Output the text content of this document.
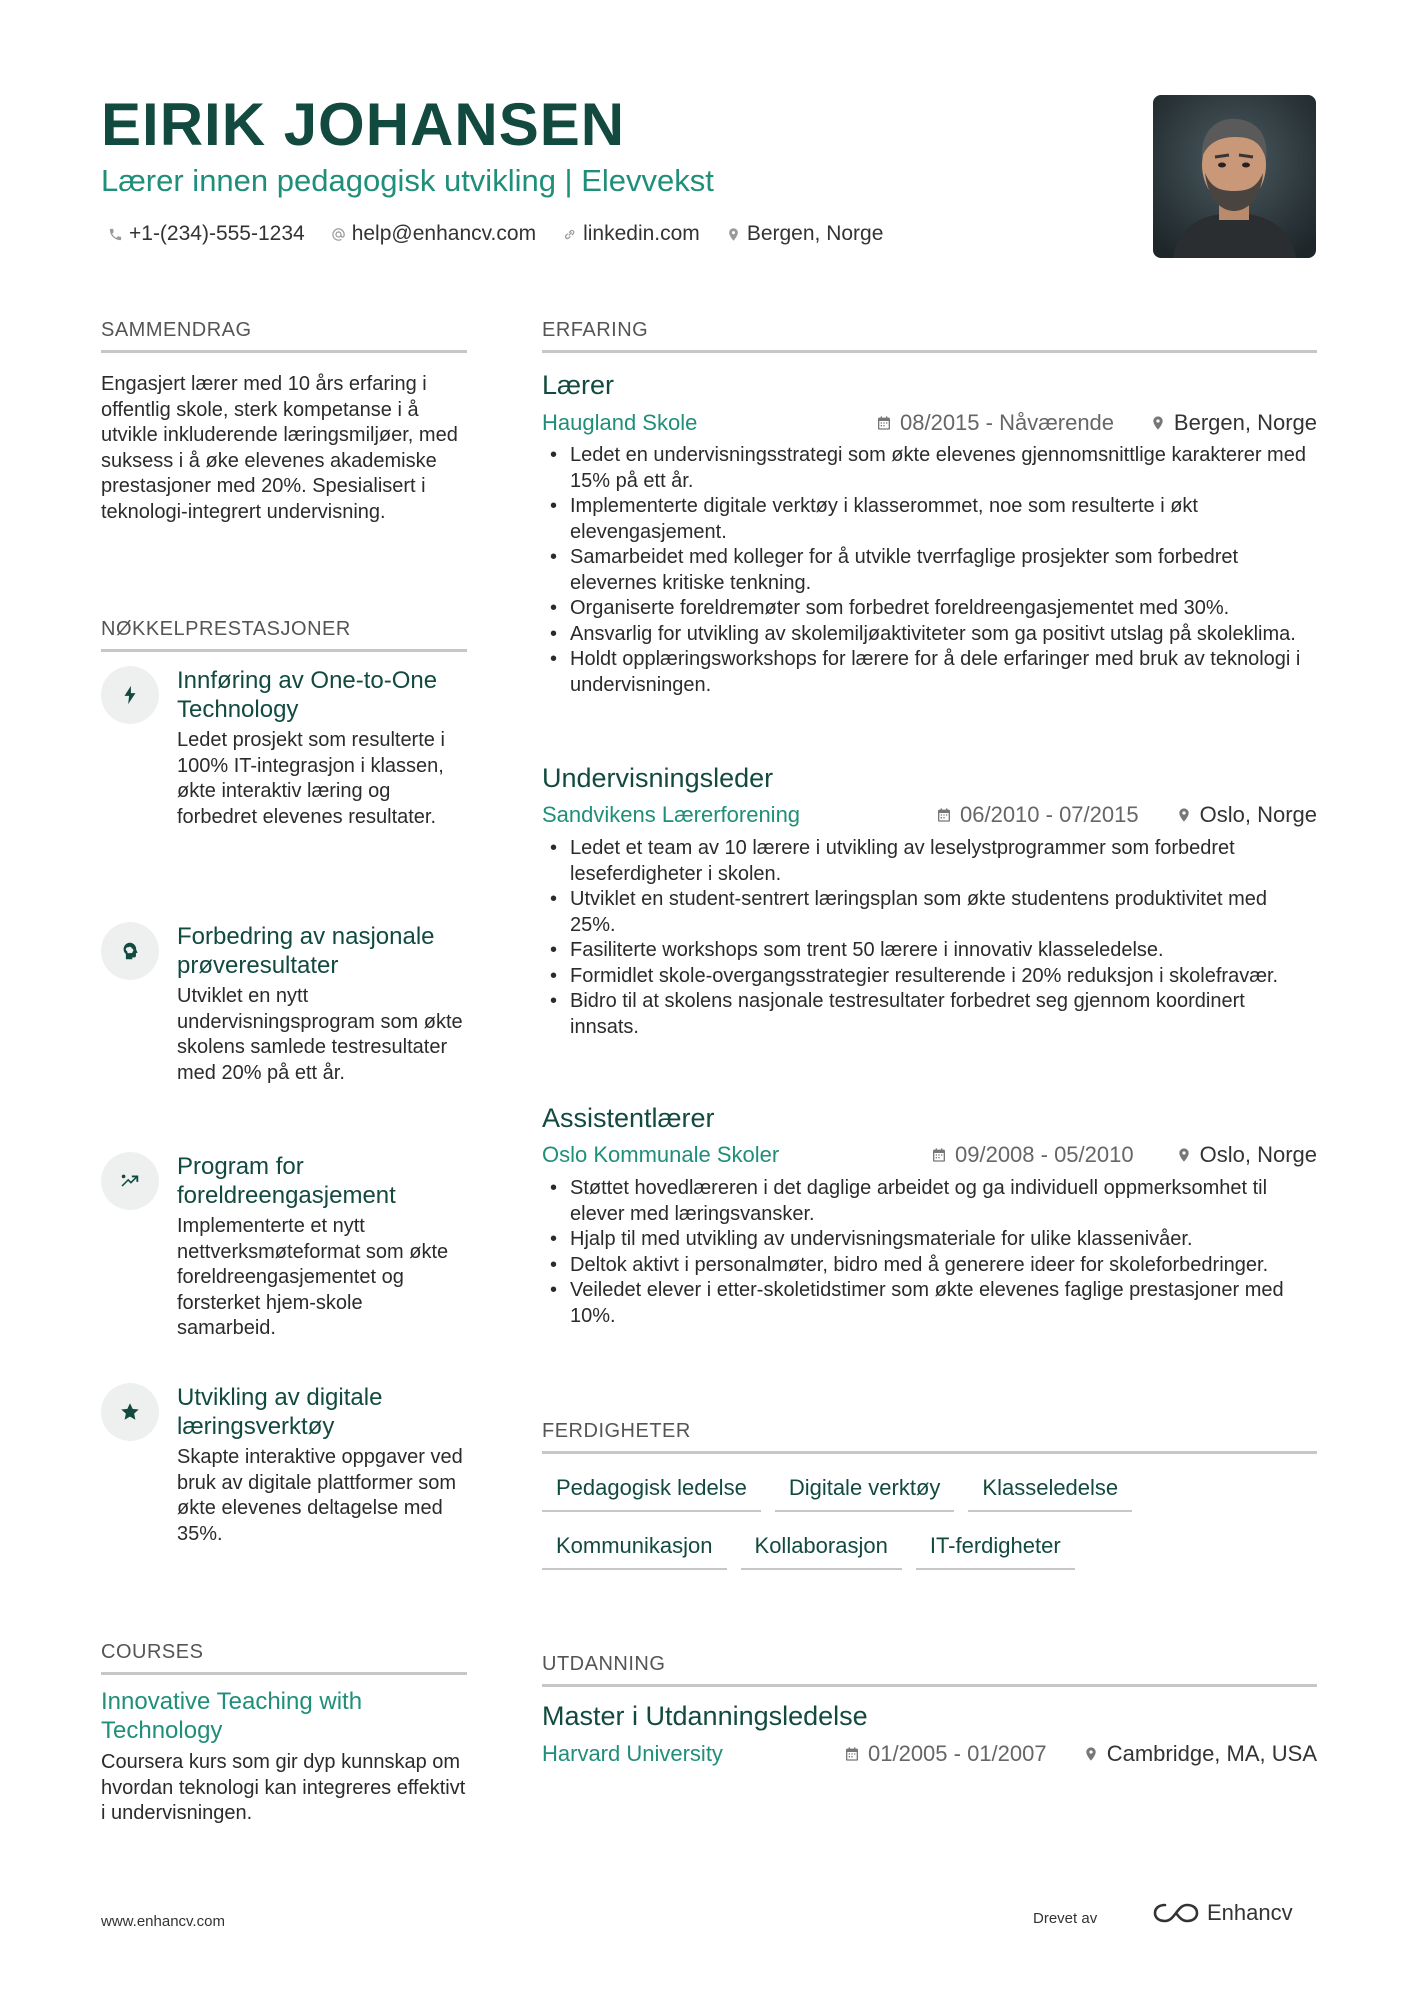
EIRIK JOHANSEN
Lærer innen pedagogisk utvikling | Elevvekst
+1-(234)-555-1234 help@enhancv.com linkedin.com Bergen, Norge
SAMMENDRAG
Engasjert lærer med 10 års erfaring i offentlig skole, sterk kompetanse i å utvikle inkluderende læringsmiljøer, med suksess i å øke elevenes akademiske prestasjoner med 20%. Spesialisert i teknologi-integrert undervisning.
NØKKELPRESTASJONER
Innføring av One-to-One Technology
Ledet prosjekt som resulterte i 100% IT-integrasjon i klassen, økte interaktiv læring og forbedret elevenes resultater.
Forbedring av nasjonale prøveresultater
Utviklet en nytt undervisningsprogram som økte skolens samlede testresultater med 20% på ett år.
Program for foreldreengasjement
Implementerte et nytt nettverksmøteformat som økte foreldreengasjementet og forsterket hjem-skole samarbeid.
Utvikling av digitale læringsverktøy
Skapte interaktive oppgaver ved bruk av digitale plattformer som økte elevenes deltagelse med 35%.
COURSES
Innovative Teaching with Technology
Coursera kurs som gir dyp kunnskap om hvordan teknologi kan integreres effektivt i undervisningen.
ERFARING
Lærer
Haugland Skole	08/2015 - Nåværende	Bergen, Norge
• Ledet en undervisningsstrategi som økte elevenes gjennomsnittlige karakterer med 15% på ett år.
• Implementerte digitale verktøy i klasserommet, noe som resulterte i økt elevengasjement.
• Samarbeidet med kolleger for å utvikle tverrfaglige prosjekter som forbedret elevernes kritiske tenkning.
• Organiserte foreldremøter som forbedret foreldreengasjementet med 30%.
• Ansvarlig for utvikling av skolemiljøaktiviteter som ga positivt utslag på skoleklima.
• Holdt opplæringsworkshops for lærere for å dele erfaringer med bruk av teknologi i undervisningen.
Undervisningsleder
Sandvikens Lærerforening	06/2010 - 07/2015	Oslo, Norge
• Ledet et team av 10 lærere i utvikling av leselystprogrammer som forbedret leseferdigheter i skolen.
• Utviklet en student-sentrert læringsplan som økte studentens produktivitet med 25%.
• Fasiliterte workshops som trent 50 lærere i innovativ klasseledelse.
• Formidlet skole-overgangsstrategier resulterende i 20% reduksjon i skolefravær.
• Bidro til at skolens nasjonale testresultater forbedret seg gjennom koordinert innsats.
Assistentlærer
Oslo Kommunale Skoler	09/2008 - 05/2010	Oslo, Norge
• Støttet hovedlæreren i det daglige arbeidet og ga individuell oppmerksomhet til elever med læringsvansker.
• Hjalp til med utvikling av undervisningsmateriale for ulike klassenivåer.
• Deltok aktivt i personalmøter, bidro med å generere ideer for skoleforbedringer.
• Veiledet elever i etter-skoletidstimer som økte elevenes faglige prestasjoner med 10%.
FERDIGHETER
Pedagogisk ledelse	Digitale verktøy	Klasseledelse
Kommunikasjon	Kollaborasjon	IT-ferdigheter
UTDANNING
Master i Utdanningsledelse
Harvard University	01/2005 - 01/2007	Cambridge, MA, USA
www.enhancv.com	Drevet av	Enhancv
